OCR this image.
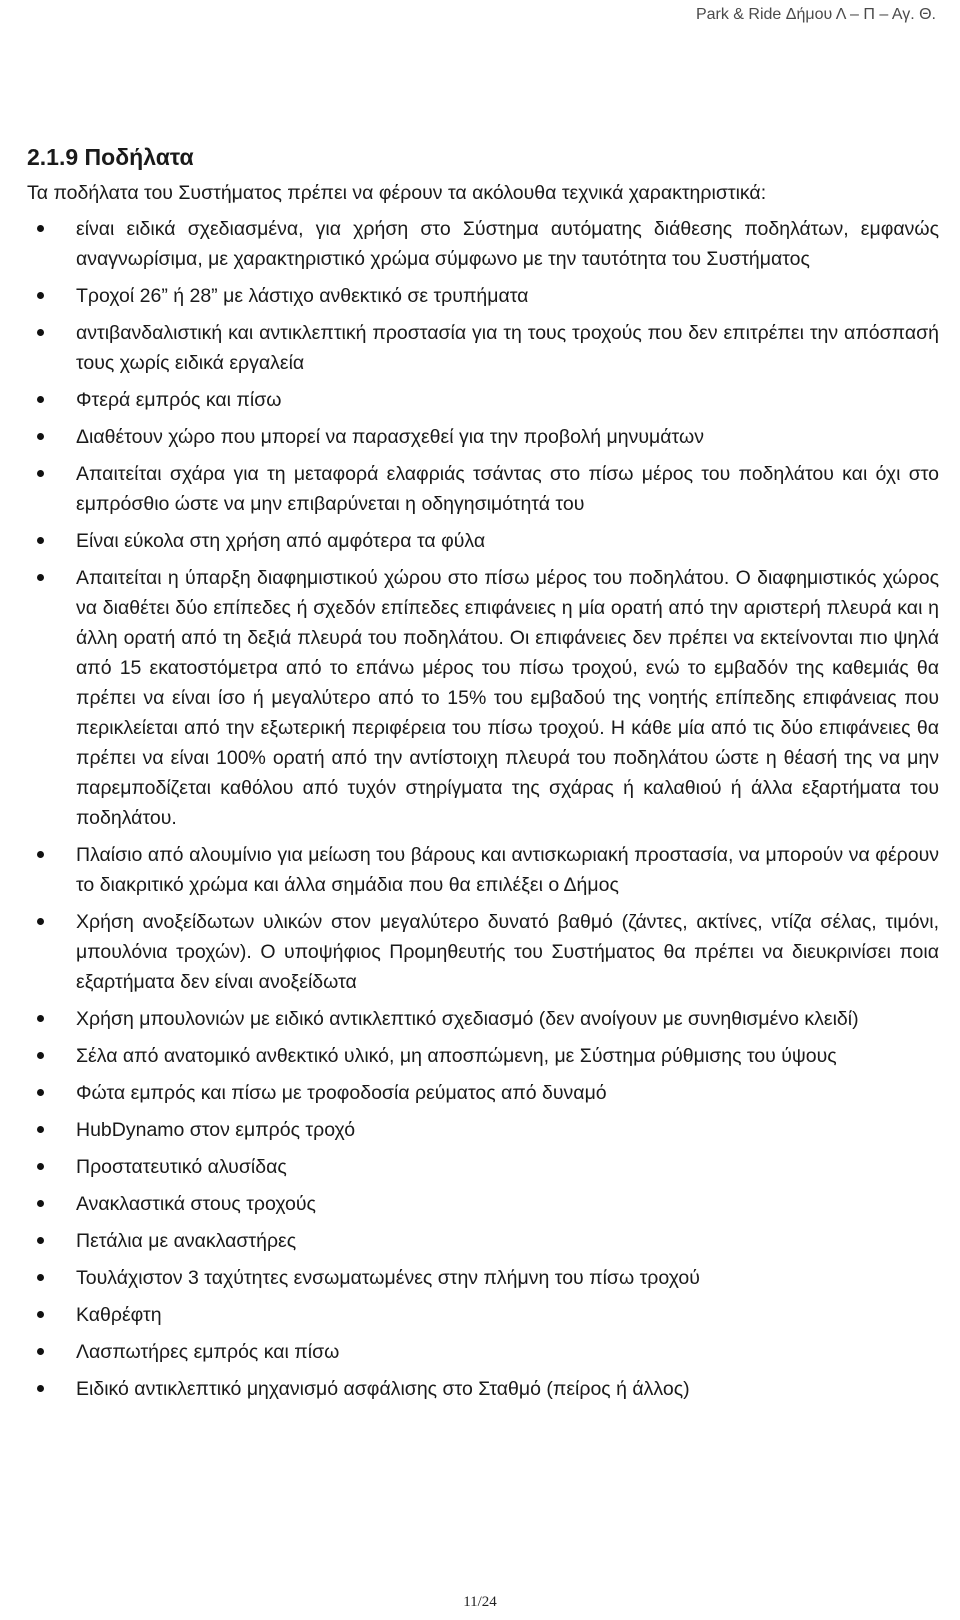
Park & Ride Δήμου Λ – Π – Αγ. Θ.
2.1.9 Ποδήλατα
Τα ποδήλατα του Συστήματος πρέπει να φέρουν τα ακόλουθα τεχνικά χαρακτηριστικά:
είναι ειδικά σχεδιασμένα, για χρήση στο Σύστημα αυτόματης διάθεσης ποδηλάτων, εμφανώς αναγνωρίσιμα, με χαρακτηριστικό χρώμα σύμφωνο με την ταυτότητα του Συστήματος
Τροχοί 26” ή 28” με λάστιχο ανθεκτικό σε τρυπήματα
αντιβανδαλιστική και αντικλεπτική προστασία για τη τους τροχούς που δεν επιτρέπει την απόσπασή τους χωρίς ειδικά εργαλεία
Φτερά εμπρός και πίσω
Διαθέτουν χώρο που μπορεί να παρασχεθεί για την προβολή μηνυμάτων
Απαιτείται σχάρα για τη μεταφορά ελαφριάς τσάντας στο πίσω μέρος του ποδηλάτου και όχι στο εμπρόσθιο ώστε να μην επιβαρύνεται η οδηγησιμότητά του
Είναι εύκολα στη χρήση από αμφότερα τα φύλα
Απαιτείται η ύπαρξη διαφημιστικού χώρου στο πίσω μέρος του ποδηλάτου. Ο διαφημιστικός χώρος να διαθέτει δύο επίπεδες ή σχεδόν επίπεδες επιφάνειες η μία ορατή από την αριστερή πλευρά και η άλλη ορατή από τη δεξιά πλευρά του ποδηλάτου. Οι επιφάνειες δεν πρέπει να εκτείνονται πιο ψηλά από 15 εκατοστόμετρα από το επάνω μέρος του πίσω τροχού, ενώ το εμβαδόν της καθεμιάς θα πρέπει να είναι ίσο ή μεγαλύτερο από το 15% του εμβαδού της νοητής επίπεδης επιφάνειας που περικλείεται από την εξωτερική περιφέρεια του πίσω τροχού. Η κάθε μία από τις δύο επιφάνειες θα πρέπει να είναι 100% ορατή από την αντίστοιχη πλευρά του ποδηλάτου ώστε η θέασή της να μην παρεμποδίζεται καθόλου από τυχόν στηρίγματα της σχάρας ή καλαθιού ή άλλα εξαρτήματα του ποδηλάτου.
Πλαίσιο από αλουμίνιο για μείωση του βάρους και αντισκωριακή προστασία, να μπορούν να φέρουν το διακριτικό χρώμα και άλλα σημάδια που θα επιλέξει ο Δήμος
Χρήση ανοξείδωτων υλικών στον μεγαλύτερο δυνατό βαθμό (ζάντες, ακτίνες, ντίζα σέλας, τιμόνι, μπουλόνια τροχών). Ο υποψήφιος Προμηθευτής του Συστήματος θα πρέπει να διευκρινίσει ποια εξαρτήματα δεν είναι ανοξείδωτα
Χρήση μπουλονιών με ειδικό αντικλεπτικό σχεδιασμό (δεν ανοίγουν με συνηθισμένο κλειδί)
Σέλα από ανατομικό ανθεκτικό υλικό, μη αποσπώμενη, με Σύστημα ρύθμισης του ύψους
Φώτα εμπρός και πίσω με τροφοδοσία ρεύματος από δυναμό
HubDynamo στον εμπρός τροχό
Προστατευτικό αλυσίδας
Ανακλαστικά στους τροχούς
Πετάλια με ανακλαστήρες
Τουλάχιστον 3 ταχύτητες ενσωματωμένες στην πλήμνη του πίσω τροχού
Καθρέφτη
Λασπωτήρες εμπρός και πίσω
Ειδικό αντικλεπτικό μηχανισμό ασφάλισης στο Σταθμό (πείρος ή άλλος)
11/24
